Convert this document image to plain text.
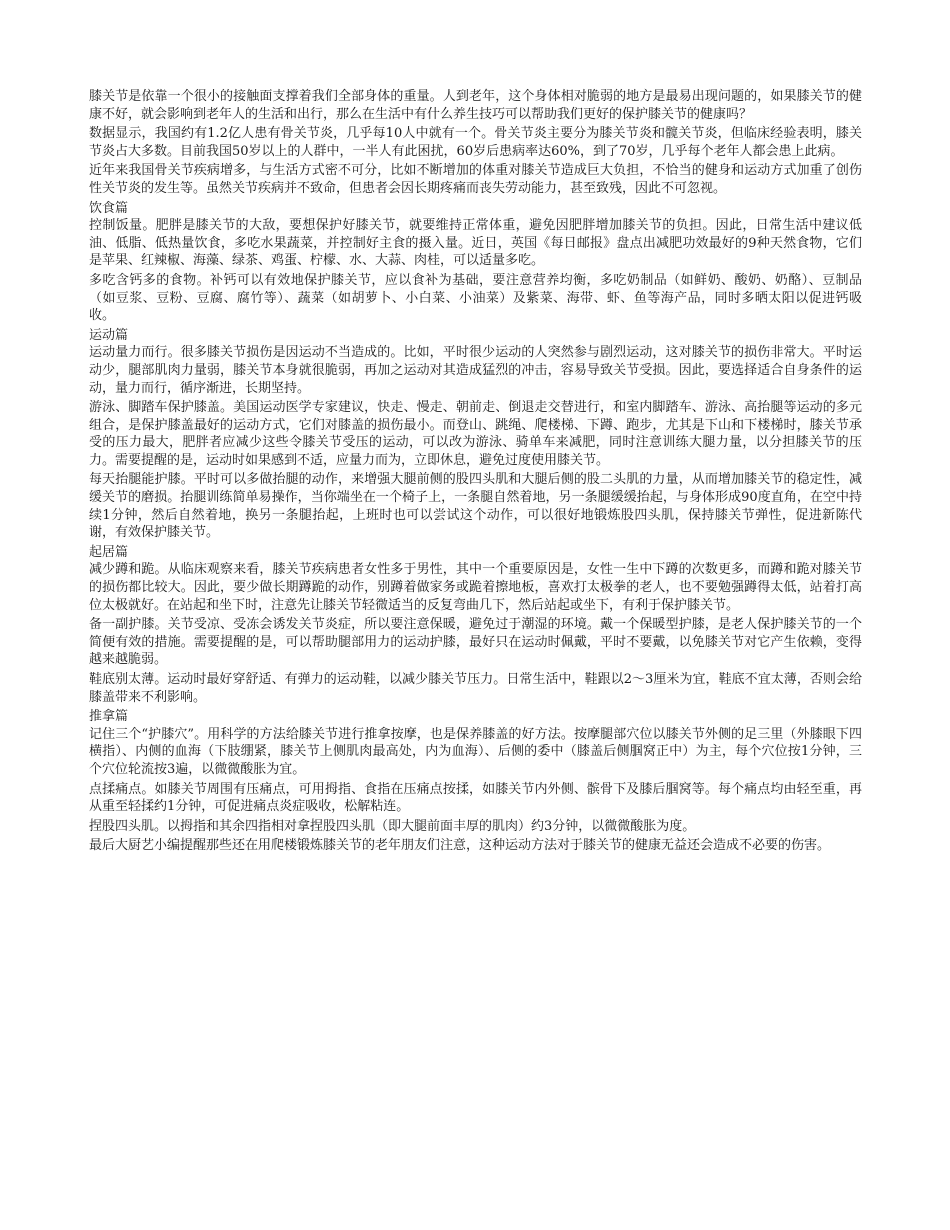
膝关节是依靠一个很小的接触面支撑着我们全部身体的重量。人到老年，这个身体相对脆弱的地方是最易出现问题的，如果膝关节的健康不好，就会影响到老年人的生活和出行，那么在生活中有什么养生技巧可以帮助我们更好的保护膝关节的健康吗？

数据显示，我国约有1.2亿人患有骨关节炎，几乎每10人中就有一个。骨关节炎主要分为膝关节炎和髋关节炎，但临床经验表明，膝关节炎占大多数。目前我国50岁以上的人群中，一半人有此困扰，60岁后患病率达60%，到了70岁，几乎每个老年人都会患上此病。

近年来我国骨关节疾病增多，与生活方式密不可分，比如不断增加的体重对膝关节造成巨大负担，不恰当的健身和运动方式加重了创伤性关节炎的发生等。虽然关节疾病并不致命，但患者会因长期疼痛而丧失劳动能力，甚至致残，因此不可忽视。

饮食篇

控制饭量。肥胖是膝关节的大敌，要想保护好膝关节，就要维持正常体重，避免因肥胖增加膝关节的负担。因此，日常生活中建议低油、低脂、低热量饮食，多吃水果蔬菜，并控制好主食的摄入量。近日，英国《每日邮报》盘点出减肥功效最好的9种天然食物，它们是苹果、红辣椒、海藻、绿茶、鸡蛋、柠檬、水、大蒜、肉桂，可以适量多吃。

多吃含钙多的食物。补钙可以有效地保护膝关节，应以食补为基础，要注意营养均衡，多吃奶制品（如鲜奶、酸奶、奶酪）、豆制品（如豆浆、豆粉、豆腐、腐竹等）、蔬菜（如胡萝卜、小白菜、小油菜）及紫菜、海带、虾、鱼等海产品，同时多晒太阳以促进钙吸收。

运动篇

运动量力而行。很多膝关节损伤是因运动不当造成的。比如，平时很少运动的人突然参与剧烈运动，这对膝关节的损伤非常大。平时运动少，腿部肌肉力量弱，膝关节本身就很脆弱，再加之运动对其造成猛烈的冲击，容易导致关节受损。因此，要选择适合自身条件的运动，量力而行，循序渐进，长期坚持。

游泳、脚踏车保护膝盖。美国运动医学专家建议，快走、慢走、朝前走、倒退走交替进行，和室内脚踏车、游泳、高抬腿等运动的多元组合，是保护膝盖最好的运动方式，它们对膝盖的损伤最小。而登山、跳绳、爬楼梯、下蹲、跑步，尤其是下山和下楼梯时，膝关节承受的压力最大，肥胖者应减少这些令膝关节受压的运动，可以改为游泳、骑单车来减肥，同时注意训练大腿力量，以分担膝关节的压力。需要提醒的是，运动时如果感到不适，应量力而为，立即休息，避免过度使用膝关节。

每天抬腿能护膝。平时可以多做抬腿的动作，来增强大腿前侧的股四头肌和大腿后侧的股二头肌的力量，从而增加膝关节的稳定性，减缓关节的磨损。抬腿训练简单易操作，当你端坐在一个椅子上，一条腿自然着地，另一条腿缓缓抬起，与身体形成90度直角，在空中持续1分钟，然后自然着地，换另一条腿抬起，上班时也可以尝试这个动作，可以很好地锻炼股四头肌，保持膝关节弹性，促进新陈代谢，有效保护膝关节。

起居篇

减少蹲和跪。从临床观察来看，膝关节疾病患者女性多于男性，其中一个重要原因是，女性一生中下蹲的次数更多，而蹲和跪对膝关节的损伤都比较大。因此，要少做长期蹲跪的动作，别蹲着做家务或跪着擦地板，喜欢打太极拳的老人，也不要勉强蹲得太低，站着打高位太极就好。在站起和坐下时，注意先让膝关节轻微适当的反复弯曲几下，然后站起或坐下，有利于保护膝关节。

备一副护膝。关节受凉、受冻会诱发关节炎症，所以要注意保暖，避免过于潮湿的环境。戴一个保暖型护膝，是老人保护膝关节的一个简便有效的措施。需要提醒的是，可以帮助腿部用力的运动护膝，最好只在运动时佩戴，平时不要戴，以免膝关节对它产生依赖，变得越来越脆弱。

鞋底别太薄。运动时最好穿舒适、有弹力的运动鞋，以减少膝关节压力。日常生活中，鞋跟以2～3厘米为宜，鞋底不宜太薄，否则会给膝盖带来不利影响。

推拿篇

记住三个“护膝穴”。用科学的方法给膝关节进行推拿按摩，也是保养膝盖的好方法。按摩腿部穴位以膝关节外侧的足三里（外膝眼下四横指）、内侧的血海（下肢绷紧，膝关节上侧肌肉最高处，内为血海）、后侧的委中（膝盖后侧腘窝正中）为主，每个穴位按1分钟，三个穴位轮流按3遍，以微微酸胀为宜。

点揉痛点。如膝关节周围有压痛点，可用拇指、食指在压痛点按揉，如膝关节内外侧、髌骨下及膝后腘窝等。每个痛点均由轻至重，再从重至轻揉约1分钟，可促进痛点炎症吸收，松解粘连。

捏股四头肌。以拇指和其余四指相对拿捏股四头肌（即大腿前面丰厚的肌肉）约3分钟，以微微酸胀为度。

最后大厨艺小编提醒那些还在用爬楼锻炼膝关节的老年朋友们注意，这种运动方法对于膝关节的健康无益还会造成不必要的伤害。
